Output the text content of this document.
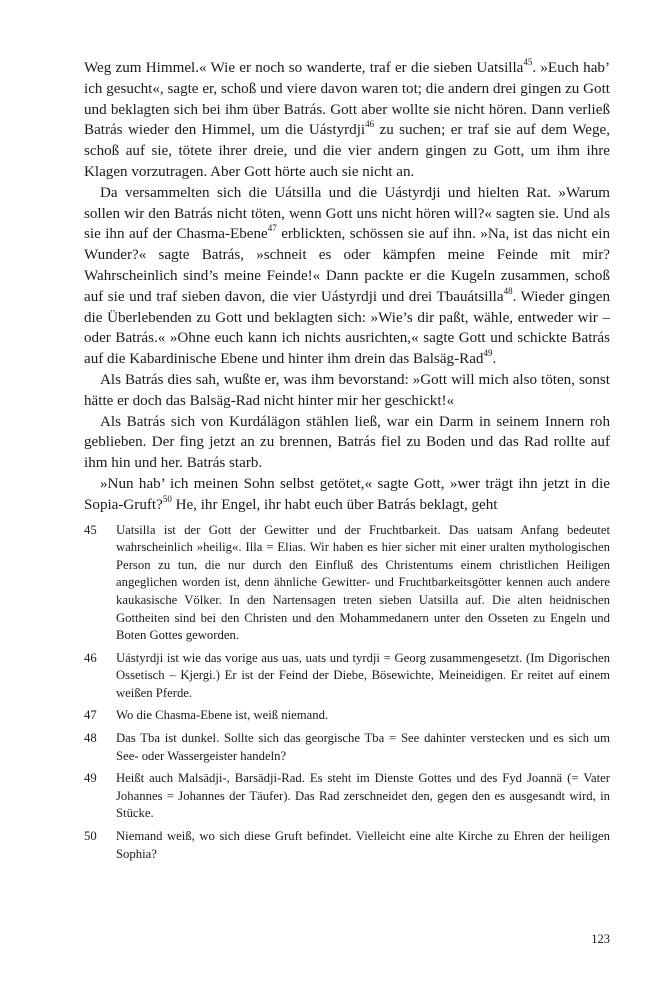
Weg zum Himmel.« Wie er noch so wanderte, traf er die sieben Uatsilla$^{45}$. »Euch hab’ ich gesucht«, sagte er, schoß und viere davon waren tot; die andern drei gingen zu Gott und beklagten sich bei ihm über Batrás. Gott aber wollte sie nicht hören. Dann verließ Batrás wieder den Himmel, um die Uástyrdji$^{46}$ zu suchen; er traf sie auf dem Wege, schoß auf sie, tötete ihrer dreie, und die vier andern gingen zu Gott, um ihm ihre Klagen vorzutragen. Aber Gott hörte auch sie nicht an.

Da versammelten sich die Uátsilla und die Uástyrdji und hielten Rat. »Warum sollen wir den Batrás nicht töten, wenn Gott uns nicht hören will?« sagten sie. Und als sie ihn auf der Chasma-Ebene$^{47}$ erblickten, schössen sie auf ihn. »Na, ist das nicht ein Wunder?« sagte Batrás, »schneit es oder kämpfen meine Feinde mit mir? Wahrscheinlich sind’s meine Feinde!« Dann packte er die Kugeln zusammen, schoß auf sie und traf sieben davon, die vier Uástyrdji und drei Tbauátsilla$^{48}$. Wieder gingen die Überlebenden zu Gott und beklagten sich: »Wie’s dir paßt, wähle, entweder wir – oder Batrás.« »Ohne euch kann ich nichts ausrichten,« sagte Gott und schickte Batrás auf die Kabardinische Ebene und hinter ihm drein das Balsäg-Rad$^{49}$.

Als Batrás dies sah, wußte er, was ihm bevorstand: »Gott will mich also töten, sonst hätte er doch das Balsäg-Rad nicht hinter mir her geschickt!«

Als Batrás sich von Kurdálägon stählen ließ, war ein Darm in seinem Innern roh geblieben. Der fing jetzt an zu brennen, Batrás fiel zu Boden und das Rad rollte auf ihm hin und her. Batrás starb.

»Nun hab’ ich meinen Sohn selbst getötet,« sagte Gott, »wer trägt ihn jetzt in die Sopia-Gruft?$^{50}$ He, ihr Engel, ihr habt euch über Batrás beklagt, geht

45	Uatsilla ist der Gott der Gewitter und der Fruchtbarkeit. Das uatsam Anfang bedeutet wahrscheinlich »heilig«. Illa = Elias. Wir haben es hier sicher mit einer uralten mythologischen Person zu tun, die nur durch den Einfluß des Christentums einem christlichen Heiligen angeglichen worden ist, denn ähnliche Gewitter- und Fruchtbarkeitsgötter kennen auch andere kaukasische Völker. In den Nartensagen treten sieben Uatsilla auf. Die alten heidnischen Gottheiten sind bei den Christen und den Mohammedanern unter den Osseten zu Engeln und Boten Gottes geworden.
46	Uástyrdji ist wie das vorige aus uas, uats und tyrdji = Georg zusammengesetzt. (Im Digorischen Ossetisch – Kjergi.) Er ist der Feind der Diebe, Bösewichte, Meineidigen. Er reitet auf einem weißen Pferde.
47	Wo die Chasma-Ebene ist, weiß niemand.
48	Das Tba ist dunkel. Sollte sich das georgische Tba = See dahinter verstecken und es sich um See- oder Wassergeister handeln?
49	Heißt auch Malsädji-, Barsädji-Rad. Es steht im Dienste Gottes und des Fyd Joannä (= Vater Johannes = Johannes der Täufer). Das Rad zerschneidet den, gegen den es ausgesandt wird, in Stücke.
50	Niemand weiß, wo sich diese Gruft befindet. Vielleicht eine alte Kirche zu Ehren der heiligen Sophia?
123
